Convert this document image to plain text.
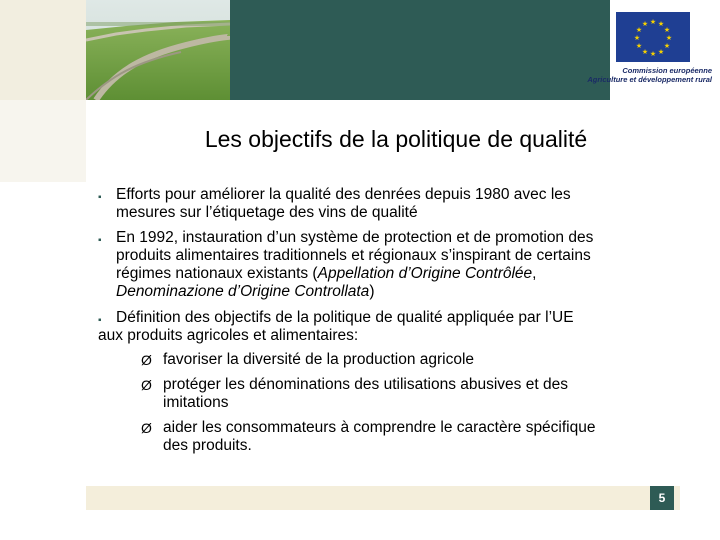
★ ★
★
★
★
★
★
★
★
★
★
★
Commission européenne
Agriculture et développement rural
Les objectifs de la politique de qualité
▪ Efforts pour améliorer la qualité des denrées depuis 1980 avec les
mesures sur l’étiquetage des vins de qualité
▪ En 1992, instauration d’un système de protection et de promotion des
produits alimentaires traditionnels et régionaux s’inspirant de certains
régimes nationaux existants (Appellation d’Origine Contrôlée,
Denominazione d’Origine Controllata)
▪ Définition des objectifs de la politique de qualité appliquée par l’UE
aux produits agricoles et alimentaires:
Ø favoriser la diversité de la production agricole
Ø protéger les dénominations des utilisations abusives et des
imitations
Ø aider les consommateurs à comprendre le caractère spécifique
des produits.
5
